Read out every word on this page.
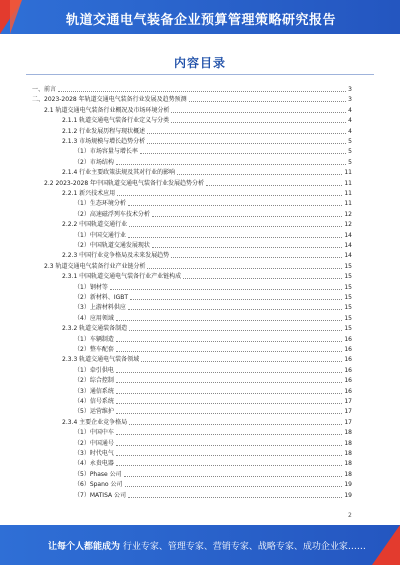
轨道交通电气装备企业预算管理策略研究报告
内容目录
一、前言	3
二、2023-2028 年轨道交通电气装备行业发展及趋势预测	3
2.1 轨道交通电气装备行业概况及市场环境分析	4
2.1.1 轨道交通电气装备行业定义与分类	4
2.1.2 行业发展历程与现状概述	4
2.1.3 市场规模与增长趋势分析	5
（1）市场容量与增长率	5
（2）市场结构	5
2.1.4 行业主要政策法规及其对行业的影响	11
2.2 2023-2028 年中国轨道交通电气装备行业发展趋势分析	11
2.2.1 新兴技术应用	11
（1）生态环境分析	11
（2）高速磁浮列车技术分析	12
2.2.2 中国轨道交通行业	12
（1）中国交通行业	14
（2）中国轨道交通发展现状	14
2.2.3 中国行业竞争格局及未来发展趋势	14
2.3 轨道交通电气装备行业产业链分析	15
2.3.1 中国轨道交通电气装备行业产业链构成	15
（1）钢材等	15
（2）新材料、IGBT	15
（3）上游材料供应	15
（4）应用领域	15
2.3.2 轨道交通装备制造	15
（1）车辆制造	16
（2）整车配套	16
2.3.3 轨道交通电气装备领域	16
（1）牵引供电	16
（2）综合控制	16
（3）通信系统	16
（4）信号系统	17
（5）运营维护	17
2.3.4 主要企业竞争格局	17
（1）中国中车	18
（2）中国通号	18
（3）时代电气	18
（4）永贵电器	18
（5）Phase 公司	18
（6）Spano 公司	19
（7）MATISA 公司	19
2
让每个人都能成为 行业专家、管理专家、营销专家、战略专家、成功企业家……
